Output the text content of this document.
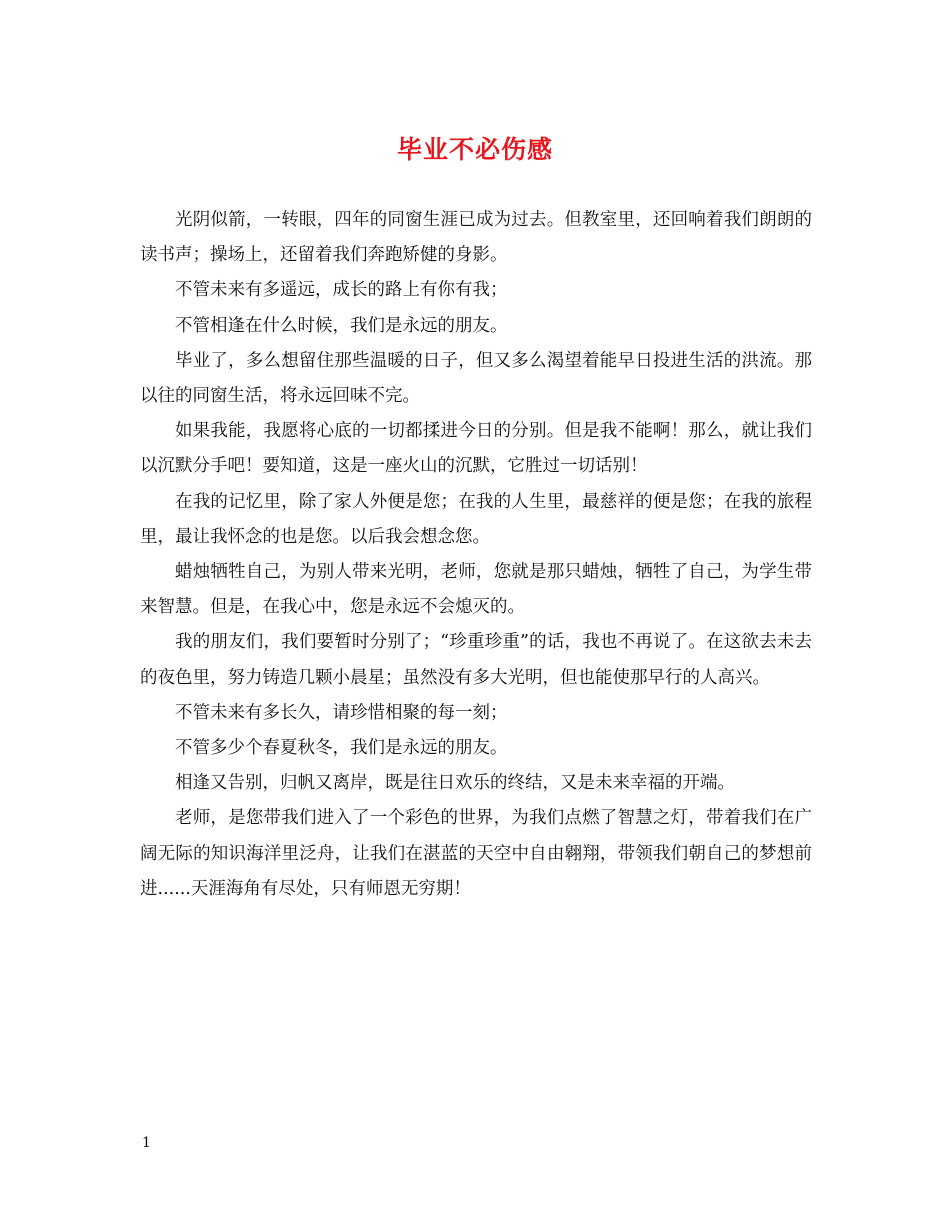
毕业不必伤感

光阴似箭，一转眼，四年的同窗生涯已成为过去。但教室里，还回响着我们朗朗的读书声；操场上，还留着我们奔跑矫健的身影。

不管未来有多遥远，成长的路上有你有我；

不管相逢在什么时候，我们是永远的朋友。

毕业了，多么想留住那些温暖的日子，但又多么渴望着能早日投进生活的洪流。那以往的同窗生活，将永远回味不完。

如果我能，我愿将心底的一切都揉进今日的分别。但是我不能啊！那么，就让我们以沉默分手吧！要知道，这是一座火山的沉默，它胜过一切话别！

在我的记忆里，除了家人外便是您；在我的人生里，最慈祥的便是您；在我的旅程里，最让我怀念的也是您。以后我会想念您。

蜡烛牺牲自己，为别人带来光明，老师，您就是那只蜡烛，牺牲了自己，为学生带来智慧。但是，在我心中，您是永远不会熄灭的。

我的朋友们，我们要暂时分别了；“珍重珍重”的话，我也不再说了。在这欲去未去的夜色里，努力铸造几颗小晨星；虽然没有多大光明，但也能使那早行的人高兴。

不管未来有多长久，请珍惜相聚的每一刻；

不管多少个春夏秋冬，我们是永远的朋友。

相逢又告别，归帆又离岸，既是往日欢乐的终结，又是未来幸福的开端。

老师，是您带我们进入了一个彩色的世界，为我们点燃了智慧之灯，带着我们在广阔无际的知识海洋里泛舟，让我们在湛蓝的天空中自由翱翔，带领我们朝自己的梦想前进......天涯海角有尽处，只有师恩无穷期！

1
